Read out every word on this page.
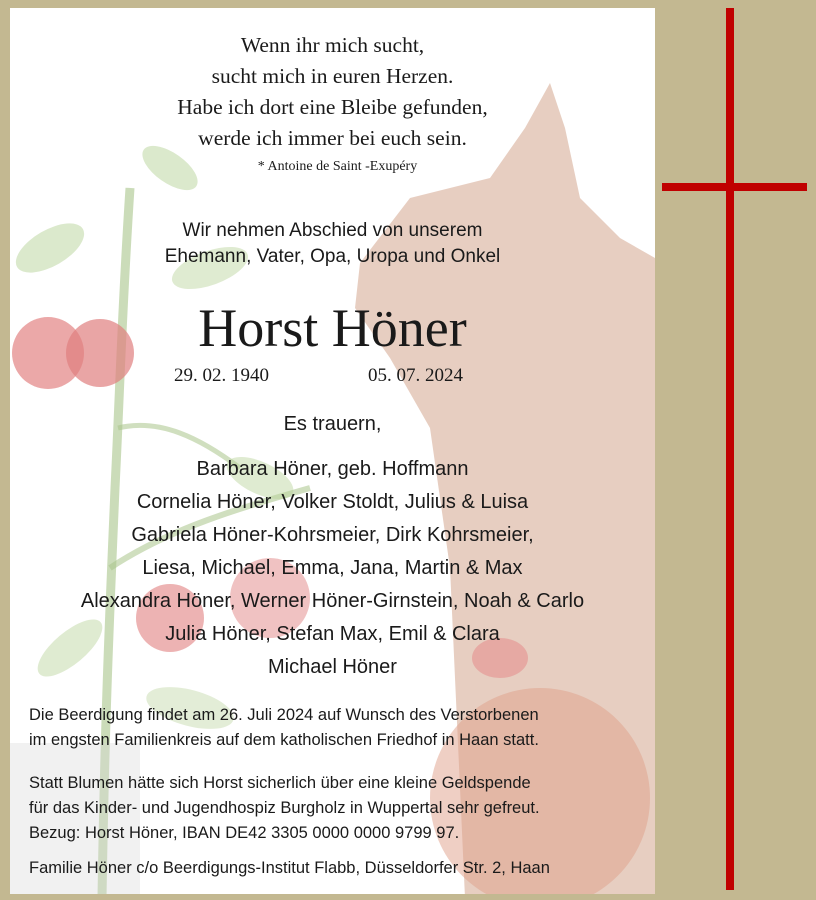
Wenn ihr mich sucht,
sucht mich in euren Herzen.
Habe ich dort eine Bleibe gefunden,
werde ich immer bei euch sein.
* Antoine de Saint -Exupéry
Wir nehmen Abschied von unserem
Ehemann, Vater, Opa, Uropa und Onkel
Horst Höner
29. 02. 1940	05. 07. 2024
Es trauern,
Barbara Höner, geb. Hoffmann
Cornelia Höner, Volker Stoldt, Julius & Luisa
Gabriela Höner-Kohrsmeier, Dirk Kohrsmeier,
Liesa, Michael, Emma, Jana, Martin & Max
Alexandra Höner, Werner Höner-Girnstein, Noah & Carlo
Julia Höner, Stefan Max, Emil & Clara
Michael Höner
Die Beerdigung findet am 26. Juli 2024 auf Wunsch des Verstorbenen
im engsten Familienkreis auf dem katholischen Friedhof in Haan statt.
Statt Blumen hätte sich Horst sicherlich über eine kleine Geldspende
für das Kinder- und Jugendhospiz Burgholz in Wuppertal sehr gefreut.
Bezug: Horst Höner, IBAN DE42 3305 0000 0000 9799 97.
Familie Höner c/o Beerdigungs-Institut Flabb, Düsseldorfer Str. 2, Haan
